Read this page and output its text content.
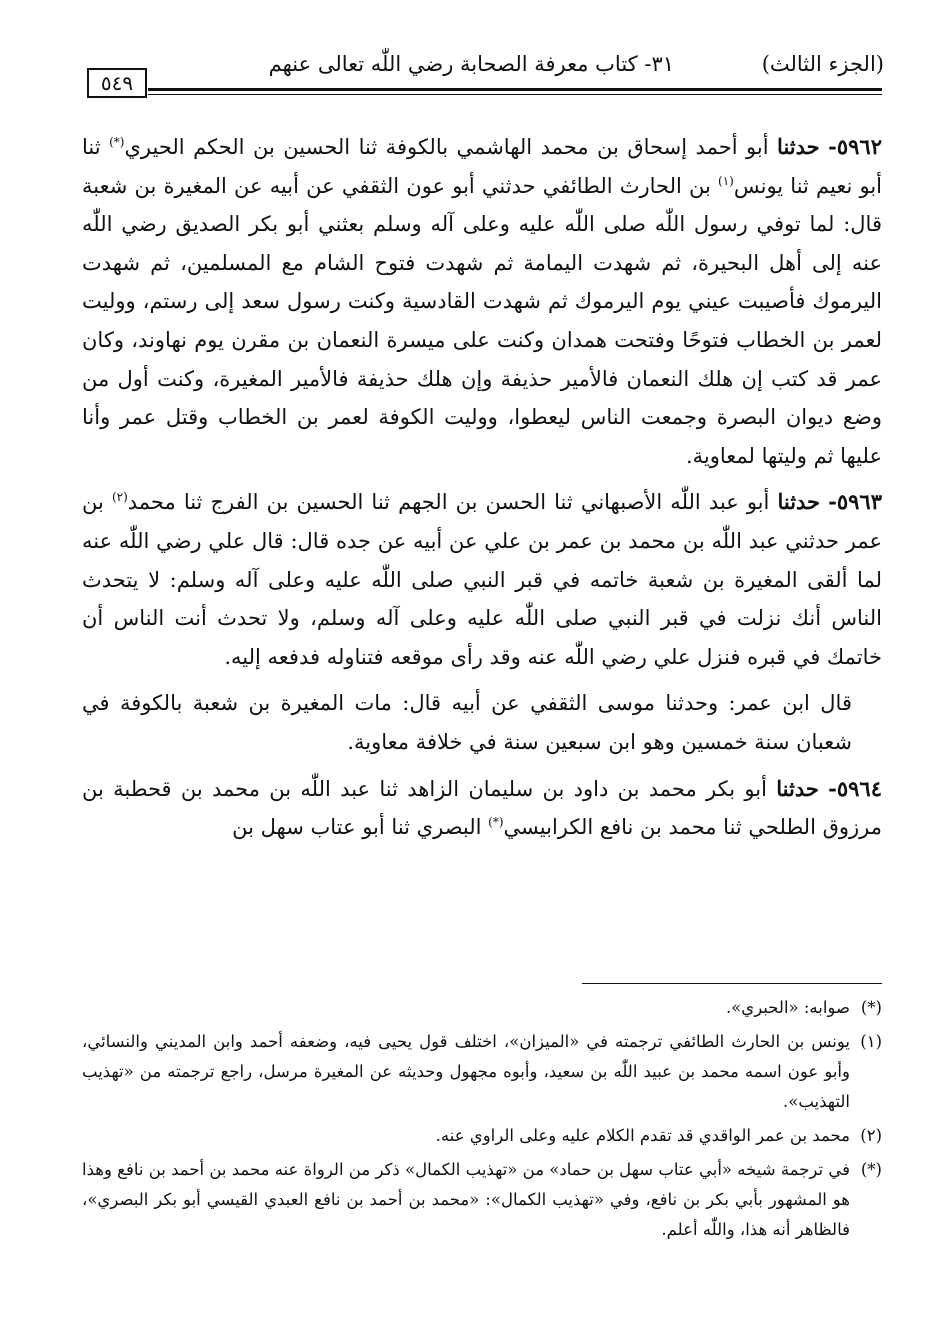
(الجزء الثالث)
٣١- كتاب معرفة الصحابة رضي اللّٰه تعالى عنهم
٥٤٩

٥٩٦٢- حدثنا أبو أحمد إسحاق بن محمد الهاشمي بالكوفة ثنا الحسين بن الحكم الحيري(*) ثنا أبو نعيم ثنا يونس$^{(١)}$ بن الحارث الطائفي حدثني أبو عون الثقفي عن أبيه عن المغيرة بن شعبة قال: لما توفي رسول اللّٰه صلى اللّٰه عليه وعلى آله وسلم بعثني أبو بكر الصديق رضي اللّٰه عنه إلى أهل البحيرة، ثم شهدت اليمامة ثم شهدت فتوح الشام مع المسلمين، ثم شهدت اليرموك فأصيبت عيني يوم اليرموك ثم شهدت القادسية وكنت رسول سعد إلى رستم، ووليت لعمر بن الخطاب فتوحًا وفتحت همدان وكنت على ميسرة النعمان بن مقرن يوم نهاوند، وكان عمر قد كتب إن هلك النعمان فالأمير حذيفة وإن هلك حذيفة فالأمير المغيرة، وكنت أول من وضع ديوان البصرة وجمعت الناس ليعطوا، ووليت الكوفة لعمر بن الخطاب وقتل عمر وأنا عليها ثم وليتها لمعاوية.

٥٩٦٣- حدثنا أبو عبد اللّٰه الأصبهاني ثنا الحسن بن الجهم ثنا الحسين بن الفرج ثنا محمد$^{(٢)}$ بن عمر حدثني عبد اللّٰه بن محمد بن عمر بن علي عن أبيه عن جده قال: قال علي رضي اللّٰه عنه لما ألقى المغيرة بن شعبة خاتمه في قبر النبي صلى اللّٰه عليه وعلى آله وسلم: لا يتحدث الناس أنك نزلت في قبر النبي صلى اللّٰه عليه وعلى آله وسلم، ولا تحدث أنت الناس أن خاتمك في قبره فنزل علي رضي اللّٰه عنه وقد رأى موقعه فتناوله فدفعه إليه.

قال ابن عمر: وحدثنا موسى الثقفي عن أبيه قال: مات المغيرة بن شعبة بالكوفة في شعبان سنة خمسين وهو ابن سبعين سنة في خلافة معاوية.

٥٩٦٤- حدثنا أبو بكر محمد بن داود بن سليمان الزاهد ثنا عبد اللّٰه بن محمد بن قحطبة بن مرزوق الطلحي ثنا محمد بن نافع الكرابيسي(*) البصري ثنا أبو عتاب سهل بن

(*)
صوابه: «الحبري».
(١)
يونس بن الحارث الطائفي ترجمته في «الميزان»، اختلف قول يحيى فيه، وضعفه أحمد وابن المديني والنسائي، وأبو عون اسمه محمد بن عبيد اللّٰه بن سعيد، وأبوه مجهول وحديثه عن المغيرة مرسل، راجع ترجمته من «تهذيب التهذيب».
(٢)
محمد بن عمر الواقدي قد تقدم الكلام عليه وعلى الراوي عنه.
(*)
في ترجمة شيخه «أبي عتاب سهل بن حماد» من «تهذيب الكمال» ذكر من الرواة عنه محمد بن أحمد بن نافع وهذا هو المشهور بأبي بكر بن نافع، وفي «تهذيب الكمال»: «محمد بن أحمد بن نافع العبدي القيسي أبو بكر البصري»، فالظاهر أنه هذا، واللّٰه أعلم.
